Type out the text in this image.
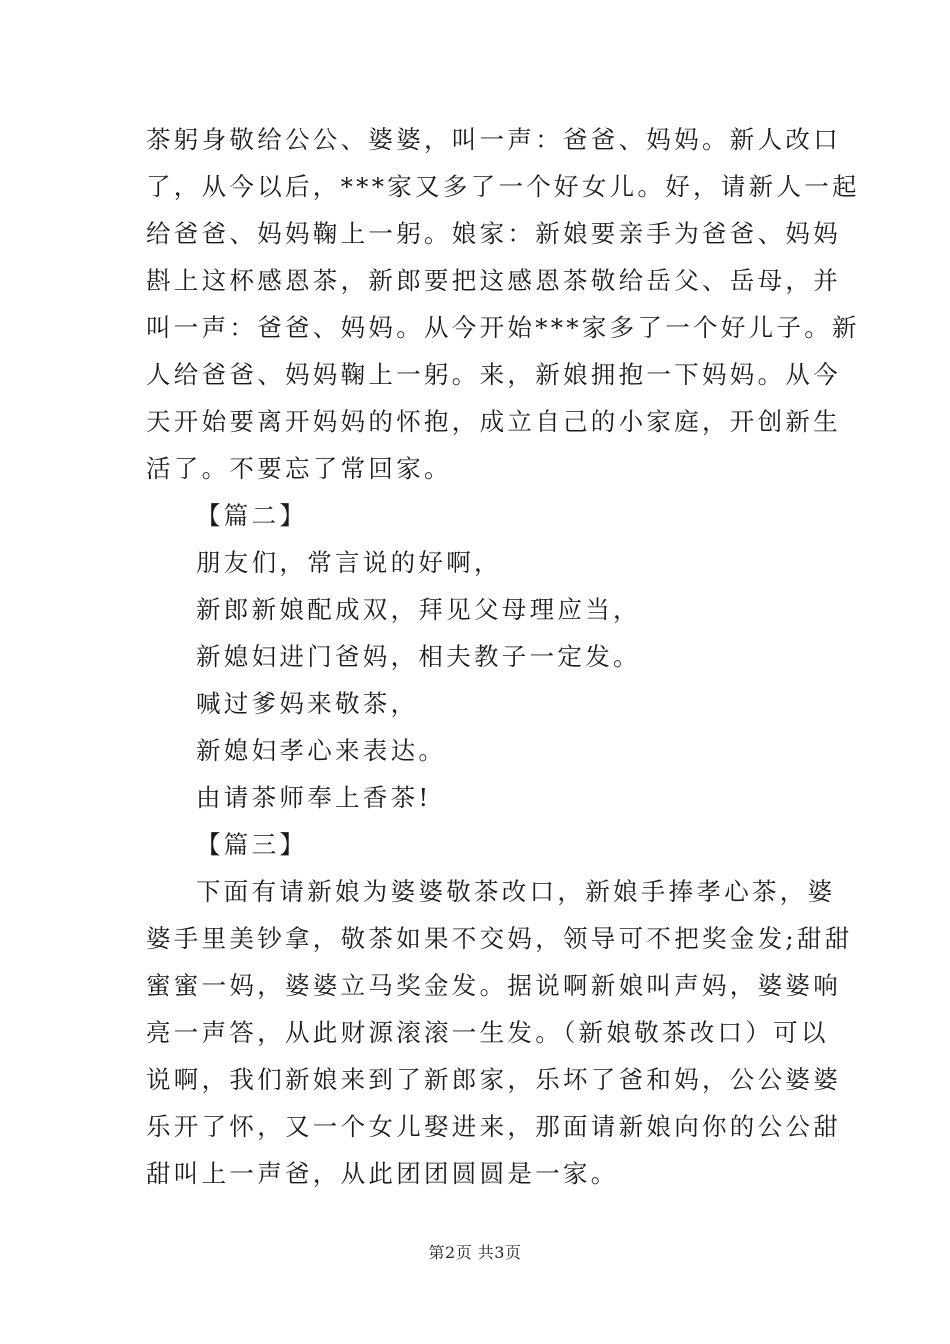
茶躬身敬给公公、婆婆，叫一声：爸爸、妈妈。新人改口
了，从今以后，***家又多了一个好女儿。好，请新人一起
给爸爸、妈妈鞠上一躬。娘家：新娘要亲手为爸爸、妈妈
斟上这杯感恩茶，新郎要把这感恩茶敬给岳父、岳母，并
叫一声：爸爸、妈妈。从今开始***家多了一个好儿子。新
人给爸爸、妈妈鞠上一躬。来，新娘拥抱一下妈妈。从今
天开始要离开妈妈的怀抱，成立自己的小家庭，开创新生
活了。不要忘了常回家。
【篇二】
朋友们，常言说的好啊，
新郎新娘配成双，拜见父母理应当，
新媳妇进门爸妈，相夫教子一定发。
喊过爹妈来敬茶，
新媳妇孝心来表达。
由请茶师奉上香茶!
【篇三】
下面有请新娘为婆婆敬茶改口，新娘手捧孝心茶，婆
婆手里美钞拿，敬茶如果不交妈，领导可不把奖金发;甜甜
蜜蜜一妈，婆婆立马奖金发。据说啊新娘叫声妈，婆婆响
亮一声答，从此财源滚滚一生发。（新娘敬茶改口）可以
说啊，我们新娘来到了新郎家，乐坏了爸和妈，公公婆婆
乐开了怀，又一个女儿娶进来，那面请新娘向你的公公甜
甜叫上一声爸，从此团团圆圆是一家。
第2页 共3页
